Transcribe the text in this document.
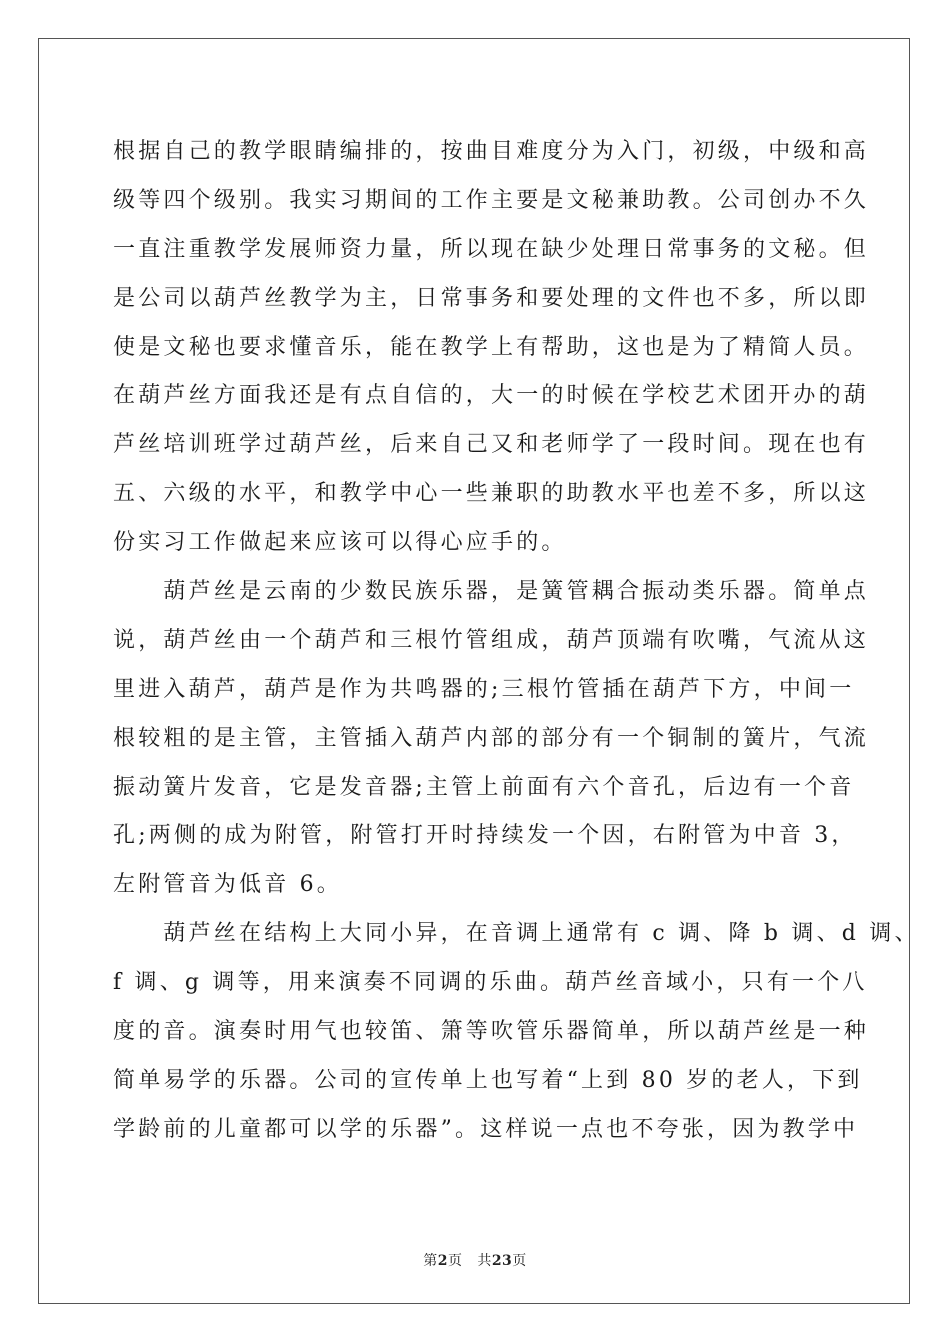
根据自己的教学眼睛编排的，按曲目难度分为入门，初级，中级和高
级等四个级别。我实习期间的工作主要是文秘兼助教。公司创办不久
一直注重教学发展师资力量，所以现在缺少处理日常事务的文秘。但
是公司以葫芦丝教学为主，日常事务和要处理的文件也不多，所以即
使是文秘也要求懂音乐，能在教学上有帮助，这也是为了精简人员。
在葫芦丝方面我还是有点自信的，大一的时候在学校艺术团开办的葫
芦丝培训班学过葫芦丝，后来自己又和老师学了一段时间。现在也有
五、六级的水平，和教学中心一些兼职的助教水平也差不多，所以这
份实习工作做起来应该可以得心应手的。
　　葫芦丝是云南的少数民族乐器，是簧管耦合振动类乐器。简单点
说，葫芦丝由一个葫芦和三根竹管组成，葫芦顶端有吹嘴，气流从这
里进入葫芦，葫芦是作为共鸣器的;三根竹管插在葫芦下方，中间一
根较粗的是主管，主管插入葫芦内部的部分有一个铜制的簧片，气流
振动簧片发音，它是发音器;主管上前面有六个音孔，后边有一个音
孔;两侧的成为附管，附管打开时持续发一个因，右附管为中音 3，
左附管音为低音 6。
　　葫芦丝在结构上大同小异，在音调上通常有 c 调、降 b 调、d 调、
f 调、g 调等，用来演奏不同调的乐曲。葫芦丝音域小，只有一个八
度的音。演奏时用气也较笛、箫等吹管乐器简单，所以葫芦丝是一种
简单易学的乐器。公司的宣传单上也写着“上到 80 岁的老人，下到
学龄前的儿童都可以学的乐器”。这样说一点也不夸张，因为教学中
第2页 共23页
